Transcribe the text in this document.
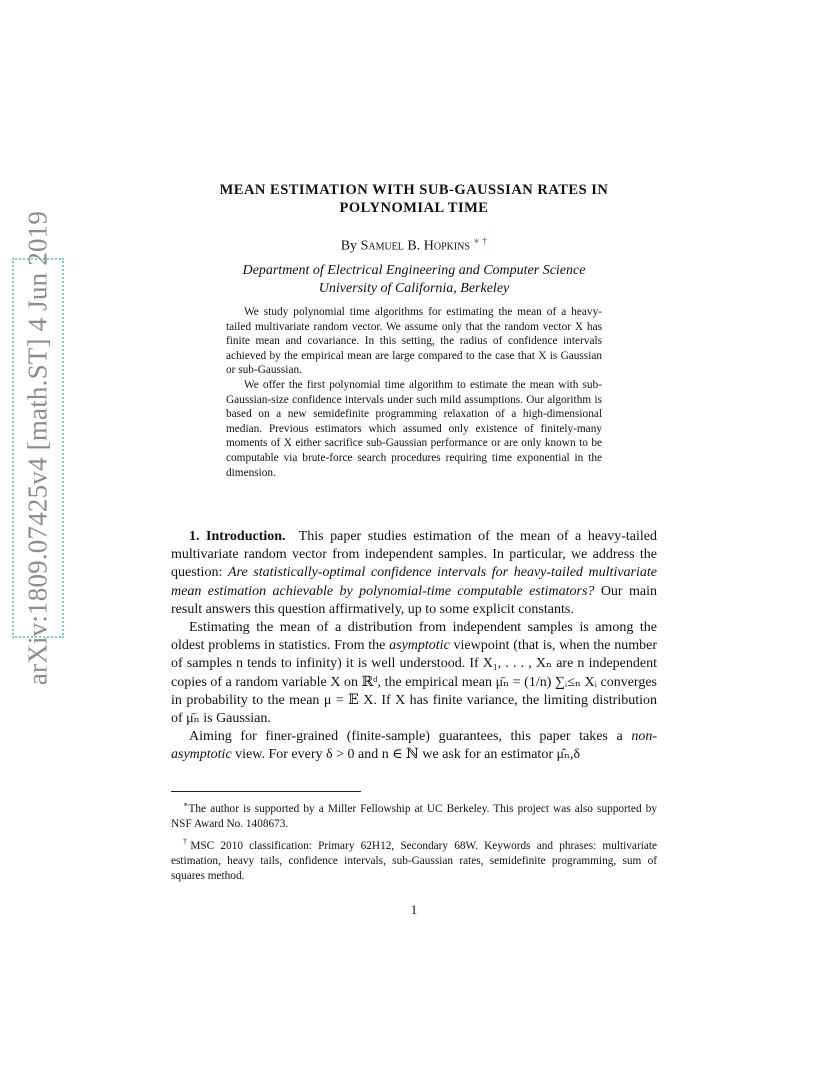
arXiv:1809.07425v4 [math.ST] 4 Jun 2019
MEAN ESTIMATION WITH SUB-GAUSSIAN RATES IN
POLYNOMIAL TIME
By Samuel B. Hopkins ∗ †
Department of Electrical Engineering and Computer Science
University of California, Berkeley

We study polynomial time algorithms for estimating the mean of a heavy-tailed multivariate random vector. We assume only that the random vector X has finite mean and covariance. In this setting, the radius of confidence intervals achieved by the empirical mean are large compared to the case that X is Gaussian or sub-Gaussian.

We offer the first polynomial time algorithm to estimate the mean with sub-Gaussian-size confidence intervals under such mild assumptions. Our algorithm is based on a new semidefinite programming relaxation of a high-dimensional median. Previous estimators which assumed only existence of finitely-many moments of X either sacrifice sub-Gaussian performance or are only known to be computable via brute-force search procedures requiring time exponential in the dimension.

1. Introduction. This paper studies estimation of the mean of a heavy-tailed multivariate random vector from independent samples. In particular, we address the question: Are statistically-optimal confidence intervals for heavy-tailed multivariate mean estimation achievable by polynomial-time computable estimators? Our main result answers this question affirmatively, up to some explicit constants.

Estimating the mean of a distribution from independent samples is among the oldest problems in statistics. From the asymptotic viewpoint (that is, when the number of samples n tends to infinity) it is well understood. If X₁, . . . , Xₙ are n independent copies of a random variable X on ℝᵈ, the empirical mean μ̄ₙ = (1/n) ∑ᵢ≤ₙ Xᵢ converges in probability to the mean μ = 𝔼 X. If X has finite variance, the limiting distribution of μ̄ₙ is Gaussian.

Aiming for finer-grained (finite-sample) guarantees, this paper takes a non-asymptotic view. For every δ > 0 and n ∈ ℕ we ask for an estimator μ̂ₙ,δ

∗The author is supported by a Miller Fellowship at UC Berkeley. This project was also supported by NSF Award No. 1408673.

†MSC 2010 classification: Primary 62H12, Secondary 68W. Keywords and phrases: multivariate estimation, heavy tails, confidence intervals, sub-Gaussian rates, semidefinite programming, sum of squares method.

1
